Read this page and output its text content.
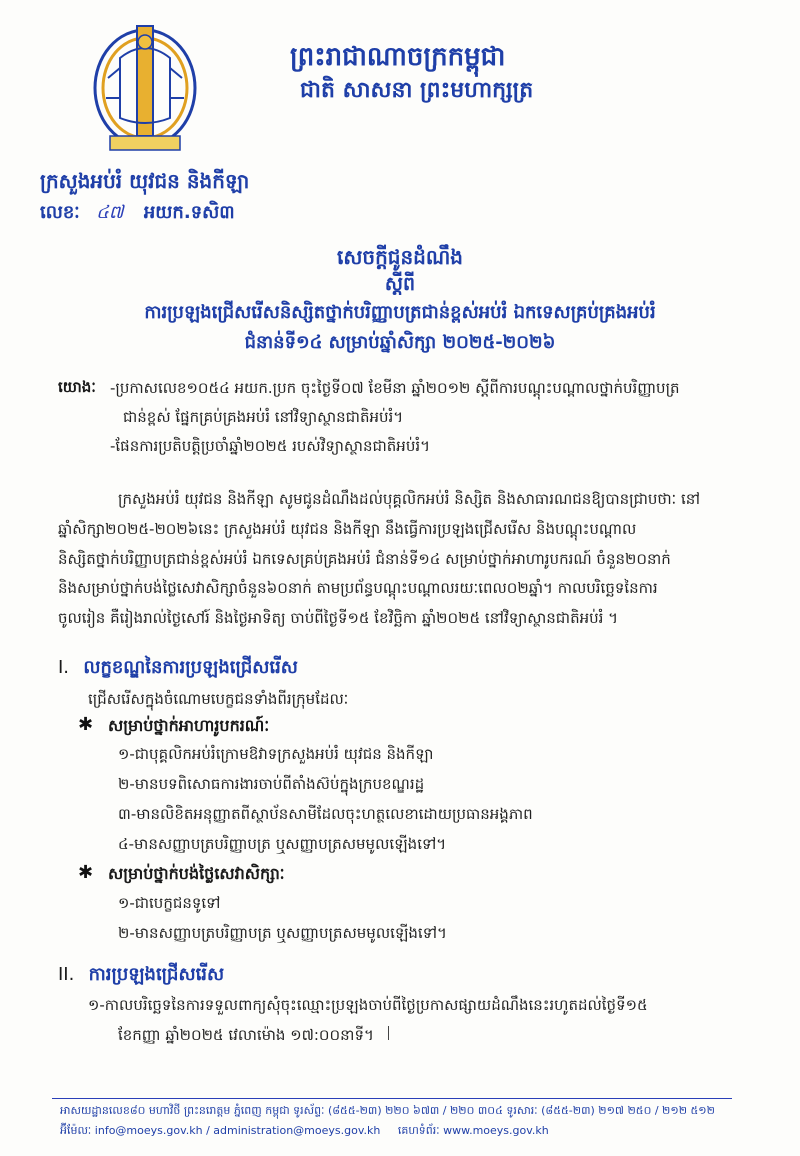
ព្រះរាជាណាចក្រកម្ពុជា
ជាតិ សាសនា ព្រះមហាក្សត្រ
ក្រសួងអប់រំ យុវជន និងកីឡា
លេខៈ ៤៧ អយក.ទសិ៣
សេចក្តីជូនដំណឹង
ស្តីពី
ការប្រឡងជ្រើសរើសនិស្សិតថ្នាក់បរិញ្ញាបត្រជាន់ខ្ពស់អប់រំ ឯកទេសគ្រប់គ្រងអប់រំ
ជំនាន់ទី១៤ សម្រាប់ឆ្នាំសិក្សា ២០២៥-២០២៦
យោងៈ -ប្រកាសលេខ១០៥៤ អយក.ប្រក ចុះថ្ងៃទី០៧ ខែមីនា ឆ្នាំ២០១២ ស្តីពីការបណ្តុះបណ្តាលថ្នាក់បរិញ្ញាបត្រ
ជាន់ខ្ពស់ ផ្នែកគ្រប់គ្រងអប់រំ នៅវិទ្យាស្ថានជាតិអប់រំ។
-ផែនការប្រតិបត្តិប្រចាំឆ្នាំ២០២៥ របស់វិទ្យាស្ថានជាតិអប់រំ។
ក្រសួងអប់រំ យុវជន និងកីឡា សូមជូនដំណឹងដល់បុគ្គលិកអប់រំ និស្សិត និងសាធារណជនឱ្យបានជ្រាបថាៈ នៅ
ឆ្នាំសិក្សា២០២៥-២០២៦នេះ ក្រសួងអប់រំ យុវជន និងកីឡា នឹងធ្វើការប្រឡងជ្រើសរើស និងបណ្តុះបណ្តាល
និស្សិតថ្នាក់បរិញ្ញាបត្រជាន់ខ្ពស់អប់រំ ឯកទេសគ្រប់គ្រងអប់រំ ជំនាន់ទី១៤ សម្រាប់ថ្នាក់អាហារូបករណ៍ ចំនួន២០នាក់
និងសម្រាប់ថ្នាក់បង់ថ្លៃសេវាសិក្សាចំនួន៦០នាក់ តាមប្រព័ន្ធបណ្តុះបណ្តាលរយៈពេល០២ឆ្នាំ។ កាលបរិច្ឆេទនៃការ
ចូលរៀន គឺរៀងរាល់ថ្ងៃសៅរ៍ និងថ្ងៃអាទិត្យ ចាប់ពីថ្ងៃទី១៥ ខែវិច្ឆិកា ឆ្នាំ២០២៥ នៅវិទ្យាស្ថានជាតិអប់រំ ។
I. លក្ខខណ្ឌនៃការប្រឡងជ្រើសរើស
ជ្រើសរើសក្នុងចំណោមបេក្ខជនទាំងពីរក្រុមដែលៈ
✱ សម្រាប់ថ្នាក់អាហារូបករណ៍ៈ
១-ជាបុគ្គលិកអប់រំក្រោមឱវាទក្រសួងអប់រំ យុវជន និងកីឡា
២-មានបទពិសោធការងារចាប់ពីតាំងស៊ប់ក្នុងក្របខណ្ឌរដ្ឋ
៣-មានលិខិតអនុញ្ញាតពីស្ថាប័នសាមីដែលចុះហត្ថលេខាដោយប្រធានអង្គភាព
៤-មានសញ្ញាបត្របរិញ្ញាបត្រ ឬសញ្ញាបត្រសមមូលឡើងទៅ។
✱ សម្រាប់ថ្នាក់បង់ថ្លៃសេវាសិក្សាៈ
១-ជាបេក្ខជនទូទៅ
២-មានសញ្ញាបត្របរិញ្ញាបត្រ ឬសញ្ញាបត្រសមមូលឡើងទៅ។
II. ការប្រឡងជ្រើសរើស
១-កាលបរិច្ឆេទនៃការទទួលពាក្យសុំចុះឈ្មោះប្រឡងចាប់ពីថ្ងៃប្រកាសផ្សាយដំណឹងនេះរហូតដល់ថ្ងៃទី១៥
ខែកញ្ញា ឆ្នាំ២០២៥ វេលាម៉ោង ១៧:០០នាទី។
អាសយដ្ឋានលេខ៨០ មហាវិថី ព្រះនរោត្តម ភ្នំពេញ កម្ពុជា ទូរស័ព្ទៈ (៨៥៥-២៣) ២២០ ៦៧៣ / ២២០ ៣០៤ ទូរសារៈ (៨៥៥-២៣) ២១៧ ២៥០ / ២១២ ៥១២
អ៊ីម៉ែលៈ info@moeys.gov.kh / administration@moeys.gov.kh គេហទំព័រៈ www.moeys.gov.kh
